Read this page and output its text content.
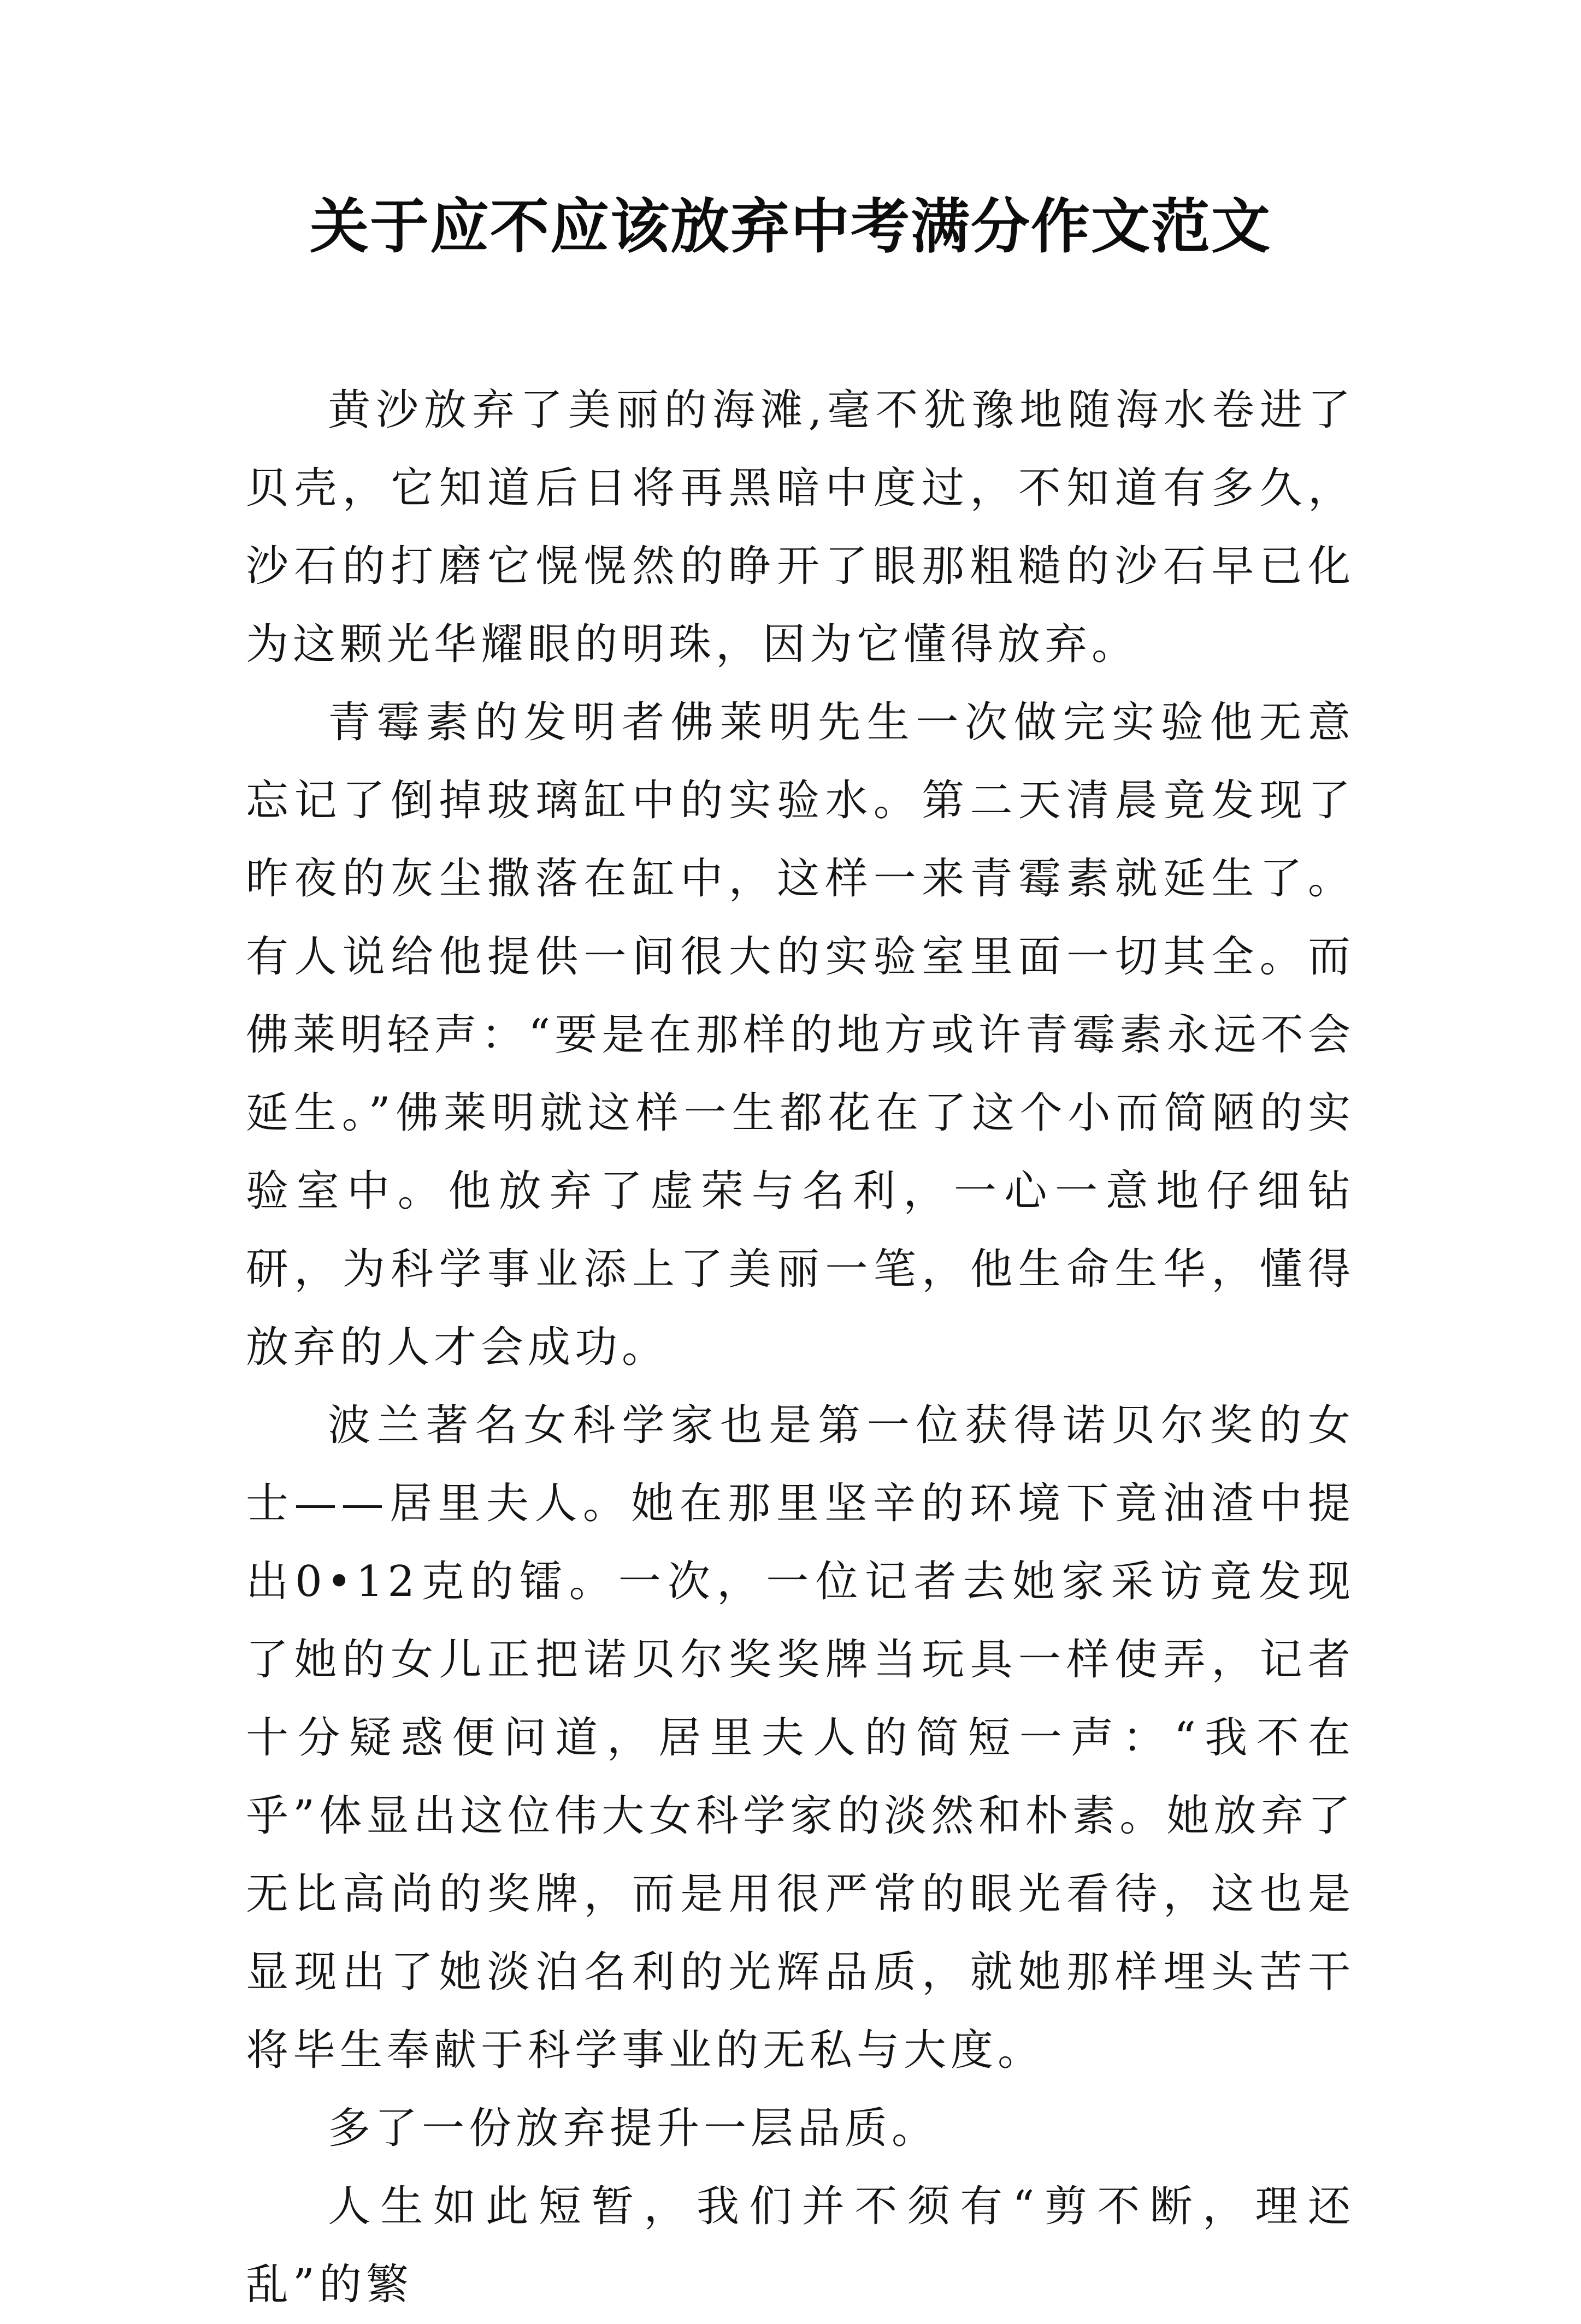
关于应不应该放弃中考满分作文范文

黄沙放弃了美丽的海滩,毫不犹豫地随海水卷进了贝壳，它知道后日将再黑暗中度过，不知道有多久，沙石的打磨它愰愰然的睁开了眼那粗糙的沙石早已化为这颗光华耀眼的明珠，因为它懂得放弃。

青霉素的发明者佛莱明先生一次做完实验他无意忘记了倒掉玻璃缸中的实验水。第二天清晨竟发现了昨夜的灰尘撒落在缸中，这样一来青霉素就延生了。有人说给他提供一间很大的实验室里面一切其全。而佛莱明轻声：“要是在那样的地方或许青霉素永远不会延生。”佛莱明就这样一生都花在了这个小而简陋的实验室中。他放弃了虚荣与名利，一心一意地仔细钻研，为科学事业添上了美丽一笔，他生命生华，懂得放弃的人才会成功。

波兰著名女科学家也是第一位获得诺贝尔奖的女士——居里夫人。她在那里坚辛的环境下竟油渣中提出0•12克的镭。一次，一位记者去她家采访竟发现了她的女儿正把诺贝尔奖奖牌当玩具一样使弄，记者十分疑惑便问道，居里夫人的简短一声：“我不在乎”体显出这位伟大女科学家的淡然和朴素。她放弃了无比高尚的奖牌，而是用很严常的眼光看待，这也是显现出了她淡泊名利的光辉品质，就她那样埋头苦干将毕生奉献于科学事业的无私与大度。

多了一份放弃提升一层品质。

人生如此短暂，我们并不须有“剪不断，理还乱”的繁
